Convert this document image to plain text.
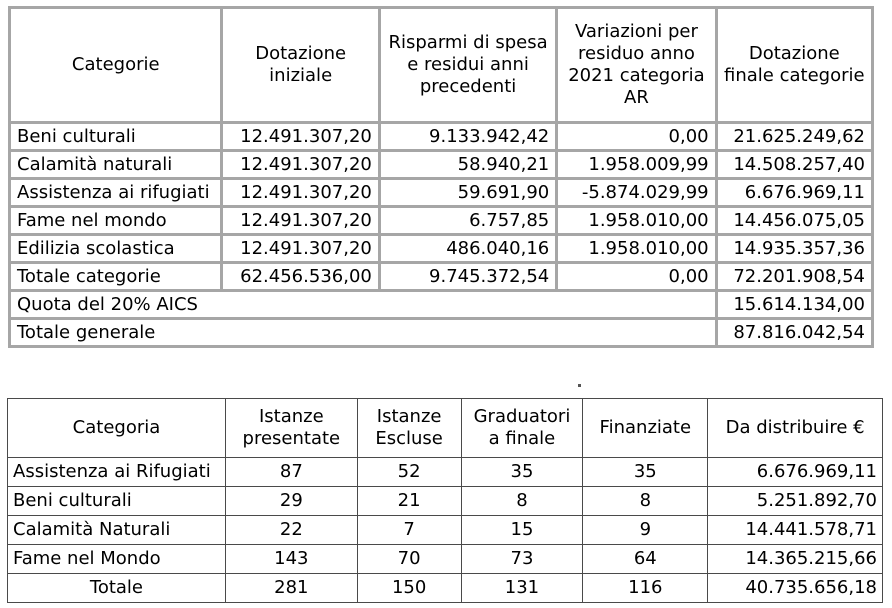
Categorie	Dotazione iniziale	Risparmi di spesa e residui anni precedenti	Variazioni per residuo anno 2021 categoria AR	Dotazione finale categorie
Beni culturali	12.491.307,20	9.133.942,42	0,00	21.625.249,62
Calamità naturali	12.491.307,20	58.940,21	1.958.009,99	14.508.257,40
Assistenza ai rifugiati	12.491.307,20	59.691,90	-5.874.029,99	6.676.969,11
Fame nel mondo	12.491.307,20	6.757,85	1.958.010,00	14.456.075,05
Edilizia scolastica	12.491.307,20	486.040,16	1.958.010,00	14.935.357,36
Totale categorie	62.456.536,00	9.745.372,54	0,00	72.201.908,54
Quota del 20% AICS				15.614.134,00
Totale generale				87.816.042,54
Categoria	Istanze presentate	Istanze Escluse	Graduatori a finale	Finanziate	Da distribuire €
Assistenza ai Rifugiati	87	52	35	35	6.676.969,11
Beni culturali	29	21	8	8	5.251.892,70
Calamità Naturali	22	7	15	9	14.441.578,71
Fame nel Mondo	143	70	73	64	14.365.215,66
Totale	281	150	131	116	40.735.656,18
